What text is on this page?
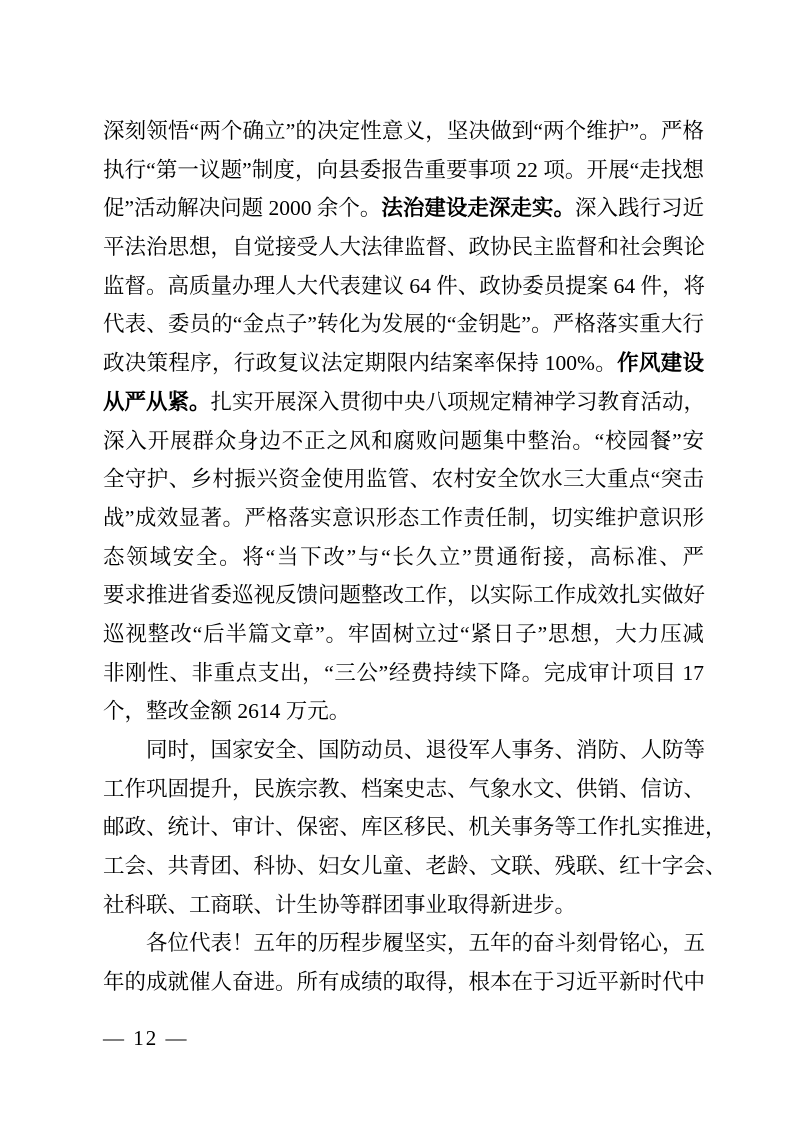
深刻领悟“两个确立”的决定性意义，坚决做到“两个维护”。严格
执行“第一议题”制度，向县委报告重要事项 22 项。开展“走找想
促”活动解决问题 2000 余个。法治建设走深走实。深入践行习近
平法治思想，自觉接受人大法律监督、政协民主监督和社会舆论
监督。高质量办理人大代表建议 64 件、政协委员提案 64 件，将
代表、委员的“金点子”转化为发展的“金钥匙”。严格落实重大行
政决策程序，行政复议法定期限内结案率保持 100%。作风建设
从严从紧。扎实开展深入贯彻中央八项规定精神学习教育活动，
深入开展群众身边不正之风和腐败问题集中整治。“校园餐”安
全守护、乡村振兴资金使用监管、农村安全饮水三大重点“突击
战”成效显著。严格落实意识形态工作责任制，切实维护意识形
态领域安全。将“当下改”与“长久立”贯通衔接，高标准、严
要求推进省委巡视反馈问题整改工作，以实际工作成效扎实做好
巡视整改“后半篇文章”。牢固树立过“紧日子”思想，大力压减
非刚性、非重点支出，“三公”经费持续下降。完成审计项目 17
个，整改金额 2614 万元。
同时，国家安全、国防动员、退役军人事务、消防、人防等
工作巩固提升，民族宗教、档案史志、气象水文、供销、信访、
邮政、统计、审计、保密、库区移民、机关事务等工作扎实推进，
工会、共青团、科协、妇女儿童、老龄、文联、残联、红十字会、
社科联、工商联、计生协等群团事业取得新进步。
各位代表！五年的历程步履坚实，五年的奋斗刻骨铭心，五
年的成就催人奋进。所有成绩的取得，根本在于习近平新时代中
— 12 —
